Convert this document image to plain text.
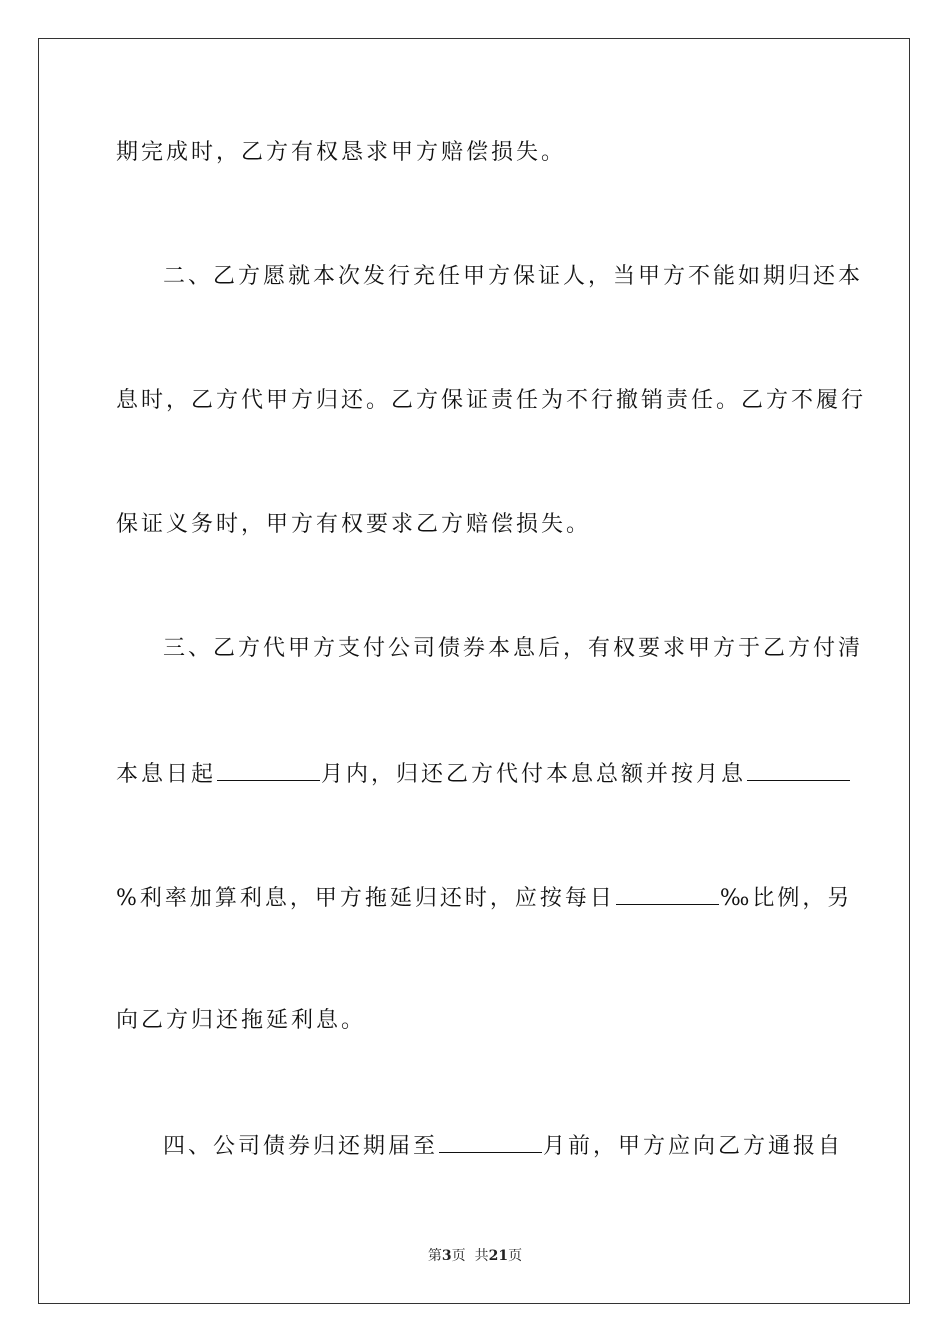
期完成时，乙方有权恳求甲方赔偿损失。
二、乙方愿就本次发行充任甲方保证人，当甲方不能如期归还本
息时，乙方代甲方归还。乙方保证责任为不行撤销责任。乙方不履行
保证义务时，甲方有权要求乙方赔偿损失。
三、乙方代甲方支付公司债券本息后，有权要求甲方于乙方付清
本息日起	月内，归还乙方代付本息总额并按月息
%利率加算利息，甲方拖延归还时，应按每日	‰比例，另
向乙方归还拖延利息。
四、公司债券归还期届至	月前，甲方应向乙方通报自
第3页  共21页
